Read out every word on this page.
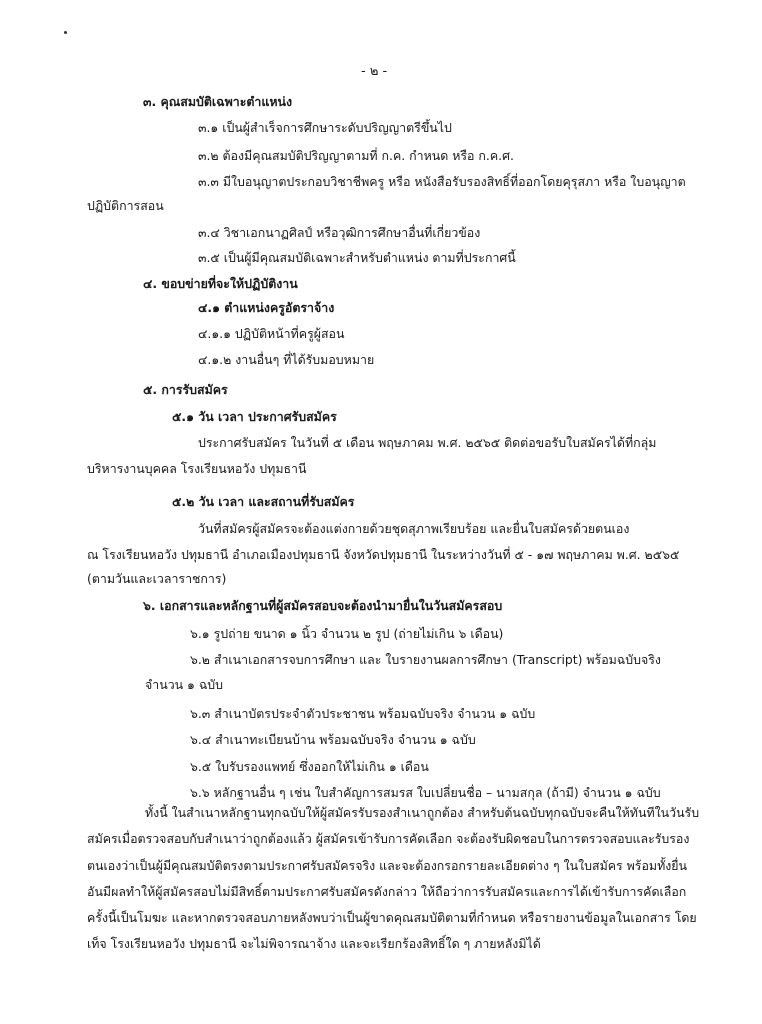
- ๒ -
๓. คุณสมบัติเฉพาะตำแหน่ง
๓.๑ เป็นผู้สำเร็จการศึกษาระดับปริญญาตรีขึ้นไป
๓.๒ ต้องมีคุณสมบัติปริญญาตามที่ ก.ค. กำหนด หรือ ก.ค.ศ.
๓.๓ มีใบอนุญาตประกอบวิชาชีพครู หรือ หนังสือรับรองสิทธิ์ที่ออกโดยคุรุสภา หรือ ใบอนุญาต
ปฏิบัติการสอน
๓.๔ วิชาเอกนาฏศิลป์ หรือวุฒิการศึกษาอื่นที่เกี่ยวข้อง
๓.๕ เป็นผู้มีคุณสมบัติเฉพาะสำหรับตำแหน่ง ตามที่ประกาศนี้
๔. ขอบข่ายที่จะให้ปฏิบัติงาน
๔.๑ ตำแหน่งครูอัตราจ้าง
๔.๑.๑ ปฏิบัติหน้าที่ครูผู้สอน
๔.๑.๒ งานอื่นๆ ที่ได้รับมอบหมาย
๕. การรับสมัคร
๕.๑ วัน เวลา ประกาศรับสมัคร
ประกาศรับสมัคร ในวันที่ ๕ เดือน พฤษภาคม พ.ศ. ๒๕๖๕ ติดต่อขอรับใบสมัครได้ที่กลุ่ม
บริหารงานบุคคล โรงเรียนหอวัง ปทุมธานี
๕.๒ วัน เวลา และสถานที่รับสมัคร
วันที่สมัครผู้สมัครจะต้องแต่งกายด้วยชุดสุภาพเรียบร้อย และยื่นใบสมัครด้วยตนเอง
ณ โรงเรียนหอวัง ปทุมธานี อำเภอเมืองปทุมธานี จังหวัดปทุมธานี ในระหว่างวันที่ ๕ - ๑๗ พฤษภาคม พ.ศ. ๒๕๖๕
(ตามวันและเวลาราชการ)
๖. เอกสารและหลักฐานที่ผู้สมัครสอบจะต้องนำมายื่นในวันสมัครสอบ
๖.๑ รูปถ่าย ขนาด ๑ นิ้ว จำนวน ๒ รูป (ถ่ายไม่เกิน ๖ เดือน)
๖.๒ สำเนาเอกสารจบการศึกษา และ ใบรายงานผลการศึกษา (Transcript) พร้อมฉบับจริง
จำนวน ๑ ฉบับ
๖.๓ สำเนาบัตรประจำตัวประชาชน พร้อมฉบับจริง จำนวน ๑ ฉบับ
๖.๔ สำเนาทะเบียนบ้าน พร้อมฉบับจริง จำนวน ๑ ฉบับ
๖.๕ ใบรับรองแพทย์ ซึ่งออกให้ไม่เกิน ๑ เดือน
๖.๖ หลักฐานอื่น ๆ เช่น ใบสำคัญการสมรส ใบเปลี่ยนชื่อ – นามสกุล (ถ้ามี) จำนวน ๑ ฉบับ
ทั้งนี้ ในสำเนาหลักฐานทุกฉบับให้ผู้สมัครรับรองสำเนาถูกต้อง สำหรับต้นฉบับทุกฉบับจะคืนให้ทันทีในวันรับ
สมัครเมื่อตรวจสอบกับสำเนาว่าถูกต้องแล้ว ผู้สมัครเข้ารับการคัดเลือก จะต้องรับผิดชอบในการตรวจสอบและรับรอง
ตนเองว่าเป็นผู้มีคุณสมบัติตรงตามประกาศรับสมัครจริง และจะต้องกรอกรายละเอียดต่าง ๆ ในใบสมัคร พร้อมทั้งยื่น
อันมีผลทำให้ผู้สมัครสอบไม่มีสิทธิ์ตามประกาศรับสมัครดังกล่าว ให้ถือว่าการรับสมัครและการได้เข้ารับการคัดเลือก
ครั้งนี้เป็นโมฆะ และหากตรวจสอบภายหลังพบว่าเป็นผู้ขาดคุณสมบัติตามที่กำหนด หรือรายงานข้อมูลในเอกสาร โดย
เท็จ โรงเรียนหอวัง ปทุมธานี จะไม่พิจารณาจ้าง และจะเรียกร้องสิทธิ์ใด ๆ ภายหลังมิได้
